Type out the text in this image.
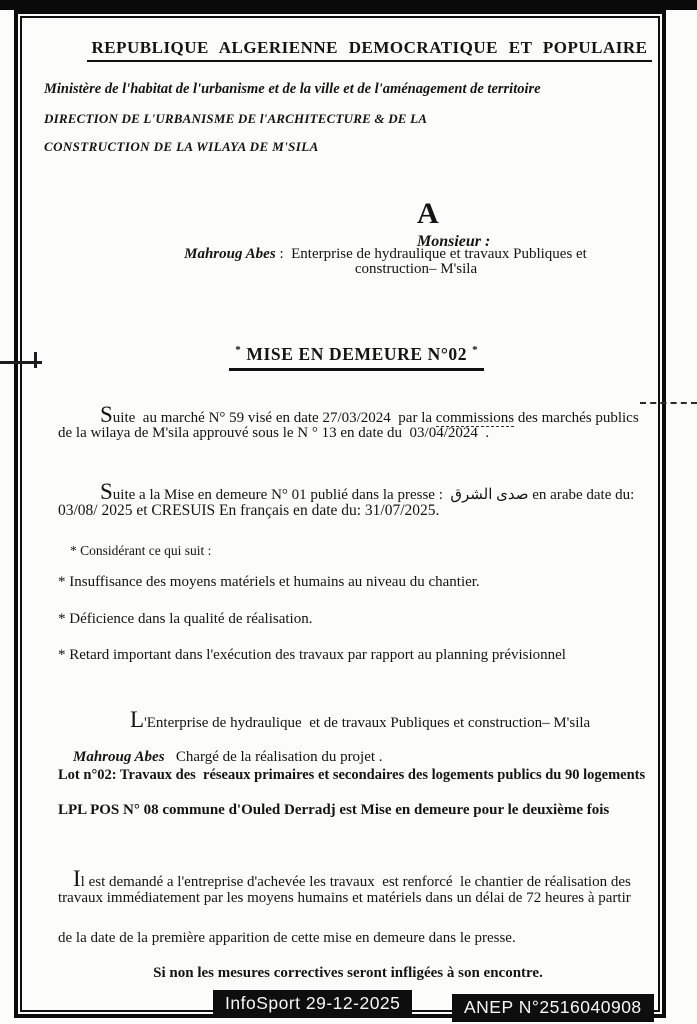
REPUBLIQUE ALGERIENNE DEMOCRATIQUE ET POPULAIRE

Ministère de l'habitat de l'urbanisme et de la ville et de l'aménagement de territoire
DIRECTION DE L'URBANISME DE l'ARCHITECTURE & DE LA
CONSTRUCTION DE LA WILAYA DE M'SILA

A
Monsieur :

Mahroug Abes :  Enterprise de hydraulique et travaux Publiques et

construction– M'sila

* MISE EN DEMEURE N°02 *

Suite  au marché N° 59 visé en date 27/03/2024  par la commissions des marchés publics

de la wilaya de M'sila approuvé sous le N ° 13 en date du  03/04/2024  .

Suite a la Mise en demeure N° 01 publié dans la presse :  صدى الشرق en arabe date du:

03/08/ 2025 et CRESUIS En français en date du: 31/07/2025.
* Considérant ce qui suit :
* Insuffisance des moyens matériels et humains au niveau du chantier.
* Déficience dans la qualité de réalisation.
* Retard important dans l'exécution des travaux par rapport au planning prévisionnel

L'Enterprise de hydraulique  et de travaux Publiques et construction– M'sila

Mahroug Abes   Chargé de la réalisation du projet .

Lot n°02: Travaux des  réseaux primaires et secondaires des logements publics du 90 logements
LPL POS N° 08 commune d'Ouled Derradj est Mise en demeure pour le deuxième fois

Il est demandé a l'entreprise d'achevée les travaux  est renforcé  le chantier de réalisation des

travaux immédiatement par les moyens humains et matériels dans un délai de 72 heures à partir
de la date de la première apparition de cette mise en demeure dans le presse.
Si non les mesures correctives seront infligées à son encontre.
InfoSport 29-12-2025	ANEP N°2516040908
